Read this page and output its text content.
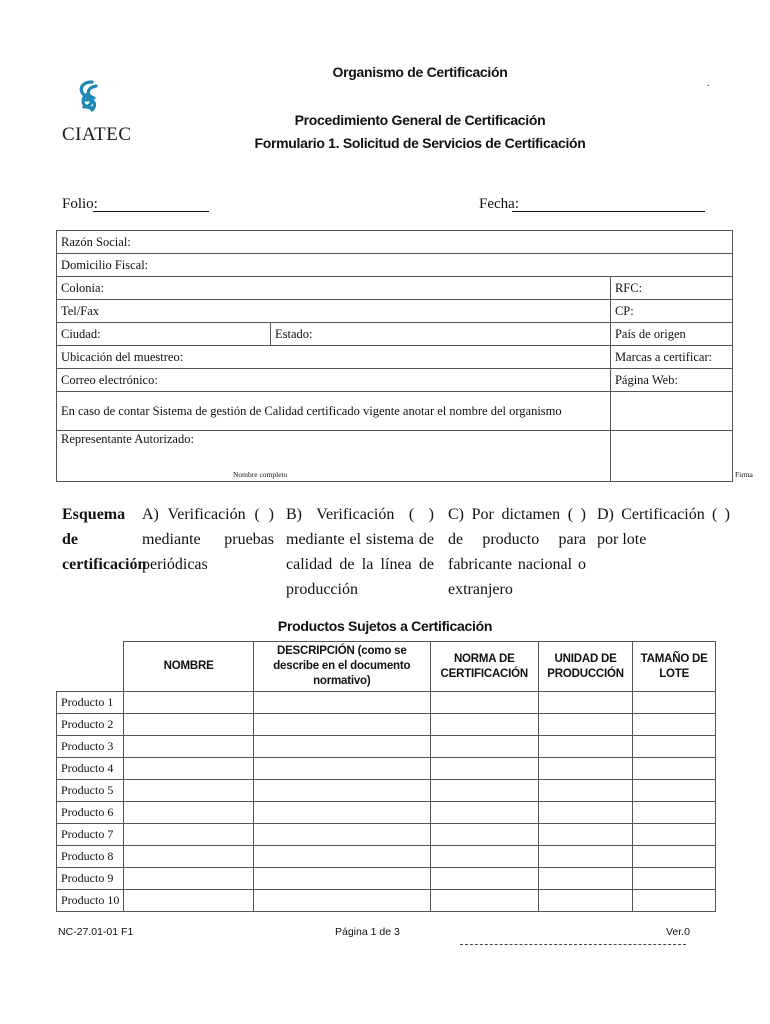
CIATEC
Organismo de Certificación
Procedimiento General de Certificación
Formulario 1. Solicitud de Servicios de Certificación
.
Folio:	Fecha:
Razón Social:		
Domicilio Fiscal:		
Colonia:		RFC:
Tel/Fax		CP:
Ciudad:	Estado:	País de origen
Ubicación del muestreo:		Marcas a certificar:
Correo electrónico:		Página Web:
En caso de contar Sistema de gestión de Calidad certificado vigente anotar el nombre del organismo		
Representante Autorizado:
Nombre completo		Firma
Esquema de
certificación
A) Verificación ( ) mediante pruebas periódicas
B) Verificación ( ) mediante el sistema de calidad de la línea de producción
C) Por dictamen ( ) de producto para fabricante nacional o extranjero
D) Certificación ( ) por lote
Productos Sujetos a Certificación
	NOMBRE	DESCRIPCIÓN (como se describe en el documento normativo)	NORMA DE CERTIFICACIÓN	UNIDAD DE PRODUCCIÓN	TAMAÑO DE LOTE
Producto 1					
Producto 2					
Producto 3					
Producto 4					
Producto 5					
Producto 6					
Producto 7					
Producto 8					
Producto 9					
Producto 10					
NC-27.01-01 F1	Página 1 de 3	Ver.0
